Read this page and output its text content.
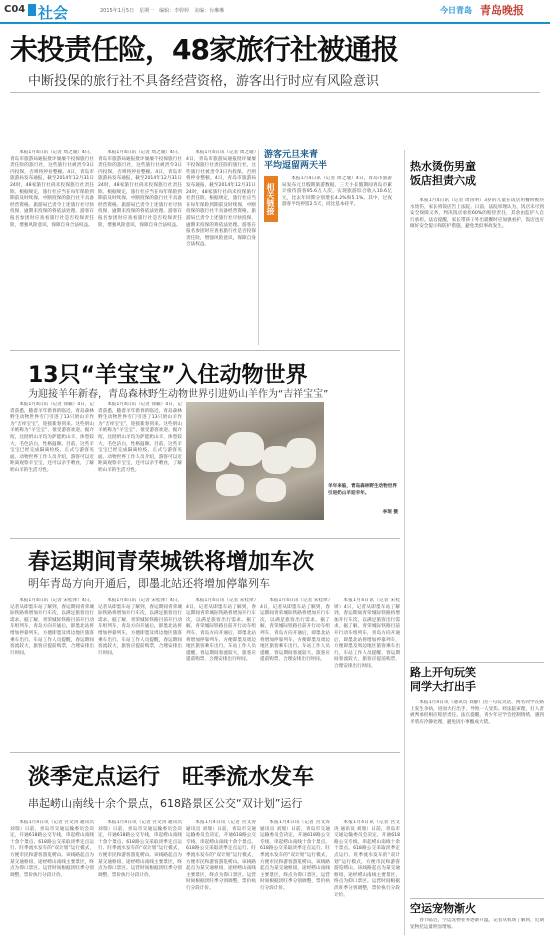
C04 社会	2015年1月5日　星期一　编辑：李婷婷　美编：台琳琳	今日青岛 青岛晚报
未投责任险，48家旅行社被通报
中断投保的旅行社不具备经营资格，游客出行时应有风险意识

本报1月4日讯（记者 周之瑜）4日，青岛市旅游局通报批评屡屡不投保旅行社责任险的旅行社，这些旅行社被责令3日内投保，否则将停业整顿。4日，青岛市旅游局发布通报，截至2014年12月31日24时，48家旅行社尚未投保旅行社责任险。根据规定，旅行社应当在每年保险到期前及时续保，中断投保的旅行社不具备经营资格。旅游局已责令上述旅行社尽快投保，逾期未投保的将依法处理。游客在报名参团时应查看旅行社是否投保责任险，增强风险意识，保障自身合法权益。

本报1月4日讯（记者 周之瑜）4日，青岛市旅游局通报批评屡屡不投保旅行社责任险的旅行社，这些旅行社被责令3日内投保，否则将停业整顿。4日，青岛市旅游局发布通报，截至2014年12月31日24时，48家旅行社尚未投保旅行社责任险。根据规定，旅行社应当在每年保险到期前及时续保，中断投保的旅行社不具备经营资格。旅游局已责令上述旅行社尽快投保，逾期未投保的将依法处理。游客在报名参团时应查看旅行社是否投保责任险，增强风险意识，保障自身合法权益。

本报1月4日讯（记者 周之瑜）4日，青岛市旅游局通报批评屡屡不投保旅行社责任险的旅行社，这些旅行社被责令3日内投保，否则将停业整顿。4日，青岛市旅游局发布通报，截至2014年12月31日24时，48家旅行社尚未投保旅行社责任险。根据规定，旅行社应当在每年保险到期前及时续保，中断投保的旅行社不具备经营资格。旅游局已责令上述旅行社尽快投保，逾期未投保的将依法处理。游客在报名参团时应查看旅行社是否投保责任险，增强风险意识，保障自身合法权益。

游客元旦来青
平均逗留两天半
相关链接

本报1月4日讯（记者 周之瑜）4日，青岛市旅游局发布元旦假期旅游数据，三天小长假期间青岛市累计接待游客95.6万人次，实现旅游综合收入10.6亿元，比去年同期分别增长4.2%和5.1%。其中，过夜游客平均停留2.5天，同比基本持平。

13只“羊宝宝”入住动物世界
为迎接羊年新春，青岛森林野生动物世界引进奶山羊作为“吉祥宝宝”

本报1月4日讯（记者 徐颖）4日，记者获悉，随着羊年新春的临近，青岛森林野生动物世界专门引进了13只奶山羊作为“吉祥宝宝”，迎接新春到来。这些奶山羊被称为“羊宝宝”，很受游客欢迎。据介绍，这批奶山羊均为萨能奶山羊，体型较大，毛色洁白，性格温顺。目前，这些羊宝宝已经完成隔离检疫，正式与游客见面。动物世界工作人员介绍，游客可以近距离观察羊宝宝，还可以亲手喂食，了解奶山羊的生活习性。

本报1月4日讯（记者 徐颖）4日，记者获悉，随着羊年新春的临近，青岛森林野生动物世界专门引进了13只奶山羊作为“吉祥宝宝”，迎接新春到来。这些奶山羊被称为“羊宝宝”，很受游客欢迎。据介绍，这批奶山羊均为萨能奶山羊，体型较大，毛色洁白，性格温顺。目前，这些羊宝宝已经完成隔离检疫，正式与游客见面。动物世界工作人员介绍，游客可以近距离观察羊宝宝，还可以亲手喂食，了解奶山羊的生活习性。

羊年来临，青岛森林野生动物世界引进奶山羊迎羊年。
李珉 摄
春运期间青荣城铁将增加车次
明年青岛方向开通后，即墨北站还将增加停靠列车

本报1月4日讯（记者 宋桂铎）4日，记者从即墨车站了解到，春运期间青荣城际铁路将增加开行车次，以满足旅客出行需求。据了解，青荣城际铁路目前开行动车组列车，青岛方向开通后，即墨北站将增加停靠列车，方便即墨及周边地区旅客乘车出行。车站工作人员提醒，春运期间客流较大，旅客应提前购票，合理安排出行时间。

本报1月4日讯（记者 宋桂铎）4日，记者从即墨车站了解到，春运期间青荣城际铁路将增加开行车次，以满足旅客出行需求。据了解，青荣城际铁路目前开行动车组列车，青岛方向开通后，即墨北站将增加停靠列车，方便即墨及周边地区旅客乘车出行。车站工作人员提醒，春运期间客流较大，旅客应提前购票，合理安排出行时间。

本报1月4日讯（记者 宋桂铎）4日，记者从即墨车站了解到，春运期间青荣城际铁路将增加开行车次，以满足旅客出行需求。据了解，青荣城际铁路目前开行动车组列车，青岛方向开通后，即墨北站将增加停靠列车，方便即墨及周边地区旅客乘车出行。车站工作人员提醒，春运期间客流较大，旅客应提前购票，合理安排出行时间。

本报1月4日讯（记者 宋桂铎）4日，记者从即墨车站了解到，春运期间青荣城际铁路将增加开行车次，以满足旅客出行需求。据了解，青荣城际铁路目前开行动车组列车，青岛方向开通后，即墨北站将增加停靠列车，方便即墨及周边地区旅客乘车出行。车站工作人员提醒，春运期间客流较大，旅客应提前购票，合理安排出行时间。

本报1月4日讯（记者 宋桂铎）4日，记者从即墨车站了解到，春运期间青荣城际铁路将增加开行车次，以满足旅客出行需求。据了解，青荣城际铁路目前开行动车组列车，青岛方向开通后，即墨北站将增加停靠列车，方便即墨及周边地区旅客乘车出行。车站工作人员提醒，春运期间客流较大，旅客应提前购票，合理安排出行时间。

淡季定点运行　旺季流水发车
串起崂山南线十余个景点，618路景区公交“双计划”运行

本报1月4日讯（记者 宫文涛 通讯员 刘瑞）日前，青岛市交通运输委员会决定，开通618路公交专线，串起崂山南线十余个景点。618路公交采取淡季定点运行、旺季流水发车的“双计划”运行模式，方便市民和游客游览崂山。该线路起点为某交通枢纽，途经崂山南线主要景区，终点为仰口景区。运营时间根据淡旺季分别调整，票价执行分段计价。

本报1月4日讯（记者 宫文涛 通讯员 刘瑞）日前，青岛市交通运输委员会决定，开通618路公交专线，串起崂山南线十余个景点。618路公交采取淡季定点运行、旺季流水发车的“双计划”运行模式，方便市民和游客游览崂山。该线路起点为某交通枢纽，途经崂山南线主要景区，终点为仰口景区。运营时间根据淡旺季分别调整，票价执行分段计价。

本报1月4日讯（记者 宫文涛 通讯员 刘瑞）日前，青岛市交通运输委员会决定，开通618路公交专线，串起崂山南线十余个景点。618路公交采取淡季定点运行、旺季流水发车的“双计划”运行模式，方便市民和游客游览崂山。该线路起点为某交通枢纽，途经崂山南线主要景区，终点为仰口景区。运营时间根据淡旺季分别调整，票价执行分段计价。

本报1月4日讯（记者 宫文涛 通讯员 刘瑞）日前，青岛市交通运输委员会决定，开通618路公交专线，串起崂山南线十余个景点。618路公交采取淡季定点运行、旺季流水发车的“双计划”运行模式，方便市民和游客游览崂山。该线路起点为某交通枢纽，途经崂山南线主要景区，终点为仰口景区。运营时间根据淡旺季分别调整，票价执行分段计价。

本报1月4日讯（记者 宫文涛 通讯员 刘瑞）日前，青岛市交通运输委员会决定，开通618路公交专线，串起崂山南线十余个景点。618路公交采取淡季定点运行、旺季流水发车的“双计划”运行模式，方便市民和游客游览崂山。该线路起点为某交通枢纽，途经崂山南线主要景区，终点为仰口景区。运营时间根据淡旺季分别调整，票价执行分段计价。

热水烫伤男童
饭店担责六成

本报1月4日讯（记者 周宙明）3岁的儿童在饭店用餐时被热水烫伤，家长将饭店告上法院。日前，法院审理认为，饭店未尽到安全保障义务，判决饭店承担60%的赔偿责任，其余由监护人自行承担。法官提醒，家长带孩子外出就餐时应加强看护，饭店也应做好安全提示和防护措施，避免类似事故发生。

路上开句玩笑
同学大打出手

本报1月4日讯（通讯员 刘静）因一句玩笑话，两名同学在路上发生争执，进而大打出手，导致一人受伤。经法院审理，打人者被判承担相应赔偿责任。法官提醒，青少年应学会控制情绪，遇到矛盾应冷静处理，避免因小事酿成大错。

空运宠物渐火

春节临近，空运宠物业务逐渐升温。记者从机场了解到，近期宠物托运量明显增加。
